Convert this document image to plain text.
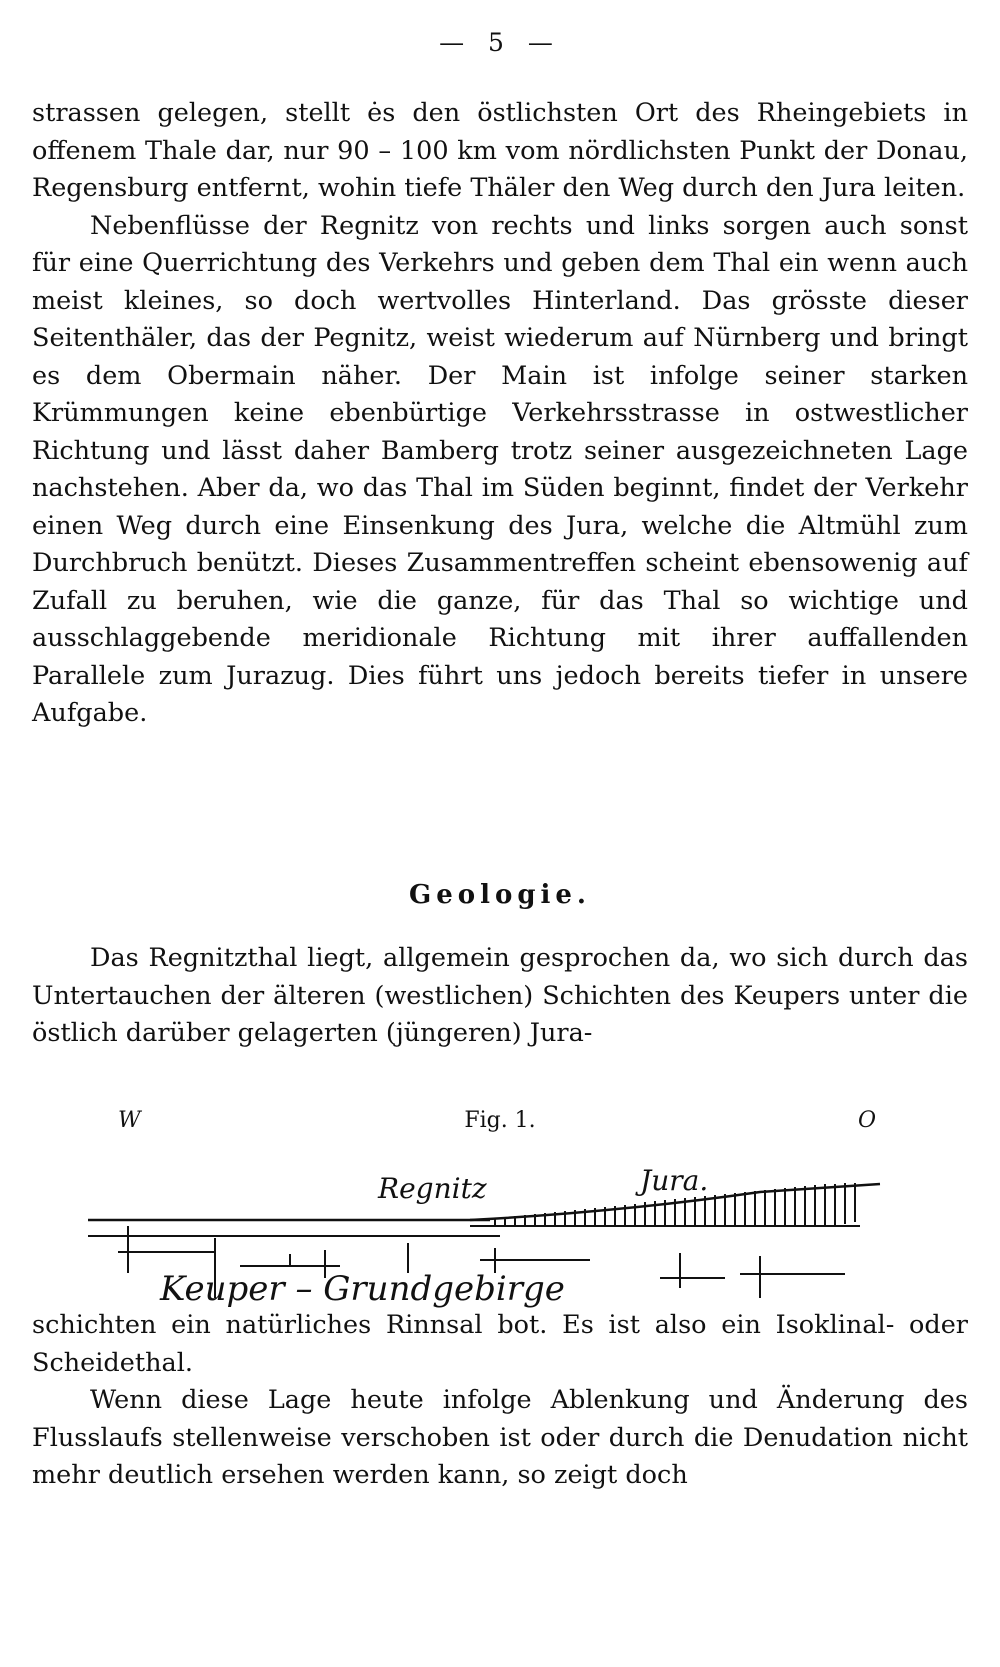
— 5 —

strassen gelegen, stellt ės den östlichsten Ort des Rheingebiets in offenem Thale dar, nur 90 – 100 km vom nördlichsten Punkt der Donau, Regensburg entfernt, wohin tiefe Thäler den Weg durch den Jura leiten.

Nebenflüsse der Regnitz von rechts und links sorgen auch sonst für eine Querrichtung des Verkehrs und geben dem Thal ein wenn auch meist kleines, so doch wertvolles Hinterland. Das grösste dieser Seitenthäler, das der Pegnitz, weist wiederum auf Nürnberg und bringt es dem Obermain näher. Der Main ist infolge seiner starken Krümmungen keine ebenbürtige Verkehrsstrasse in ostwestlicher Richtung und lässt daher Bamberg trotz seiner ausgezeichneten Lage nachstehen. Aber da, wo das Thal im Süden beginnt, findet der Verkehr einen Weg durch eine Einsenkung des Jura, welche die Altmühl zum Durchbruch benützt. Dieses Zusammentreffen scheint ebensowenig auf Zufall zu beruhen, wie die ganze, für das Thal so wichtige und ausschlaggebende meridionale Richtung mit ihrer auffallenden Parallele zum Jurazug. Dies führt uns jedoch bereits tiefer in unsere Aufgabe.

Geologie.

Das Regnitzthal liegt, allgemein gesprochen da, wo sich durch das Untertauchen der älteren (westlichen) Schichten des Keupers unter die östlich darüber gelagerten (jüngeren) Jura-

W	Fig. 1.	O
Regnitz	Jura.
Keuper – Grundgebirge

schichten ein natürliches Rinnsal bot. Es ist also ein Isoklinal- oder Scheidethal.

Wenn diese Lage heute infolge Ablenkung und Änderung des Flusslaufs stellenweise verschoben ist oder durch die Denudation nicht mehr deutlich ersehen werden kann, so zeigt doch
